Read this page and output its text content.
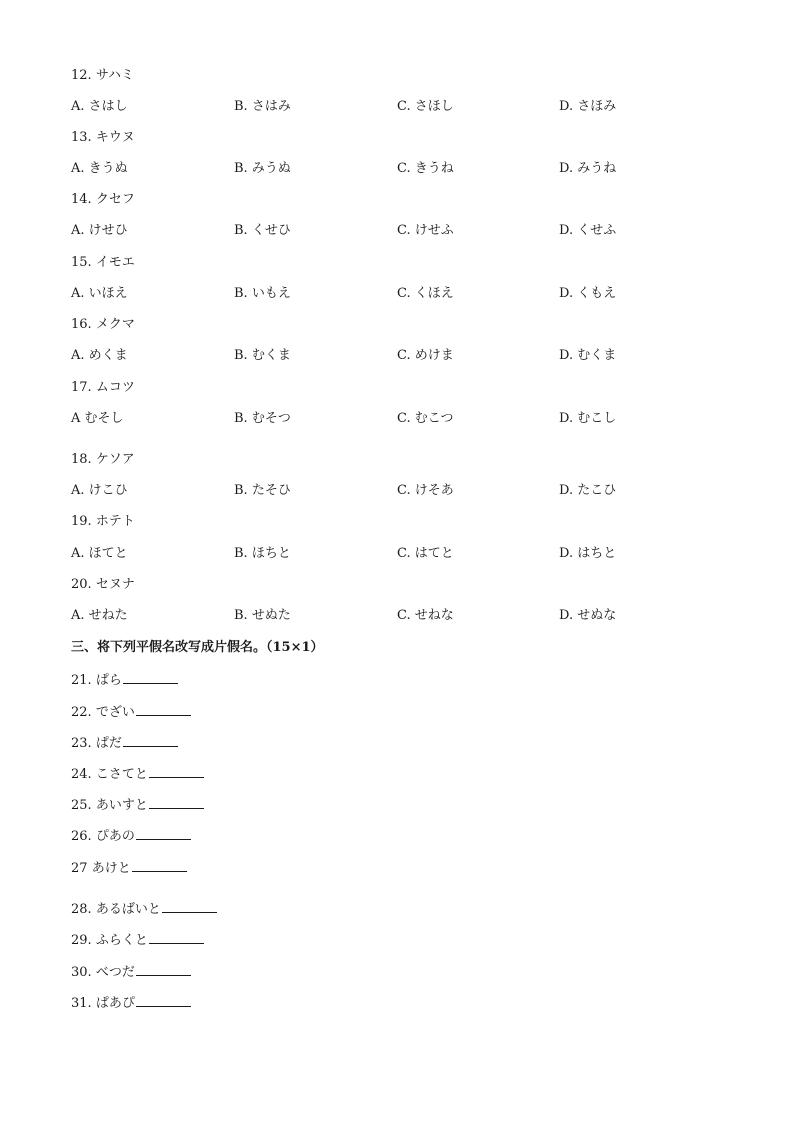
12. サハミ
A. さはし	B. さはみ	C. さほし	D. さほみ
13. キウヌ
A. きうぬ	B. みうぬ	C. きうね	D. みうね
14. クセフ
A. けせひ	B. くせひ	C. けせふ	D. くせふ
15. イモエ
A. いほえ	B. いもえ	C. くほえ	D. くもえ
16. メクマ
A. めくま	B. むくま	C. めけま	D. むくま
17. ムコツ
A むそし	B. むそつ	C. むこつ	D. むこし
18. ケソア
A. けこひ	B. たそひ	C. けそあ	D. たこひ
19. ホテト
A. ほてと	B. ほちと	C. はてと	D. はちと
20. セヌナ
A. せねた	B. せぬた	C. せねな	D. せぬな
三、将下列平假名改写成片假名。（15×1）
21. ぱら
22. でざい
23. ぱだ
24. こさてと
25. あいすと
26. ぴあの
27 あけと
28. あるばいと
29. ふらくと
30. べつだ
31. ぱあぴ
